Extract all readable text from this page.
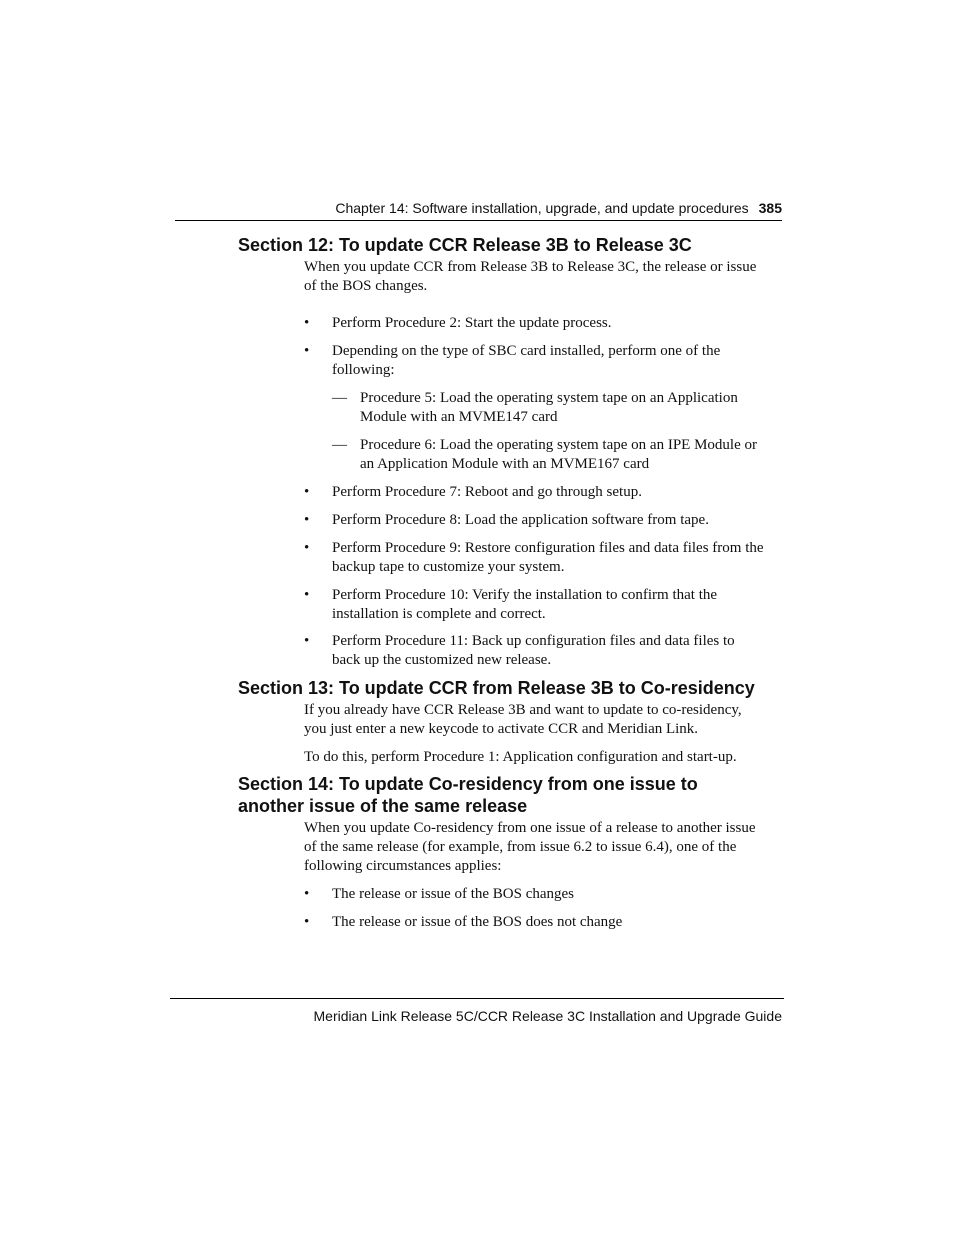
Chapter 14: Software installation, upgrade, and update procedures 385
Section 12: To update CCR Release 3B to Release 3C
When you update CCR from Release 3B to Release 3C, the release or issue
of the BOS changes.
•	Perform Procedure 2: Start the update process.
•	Depending on the type of SBC card installed, perform one of the
following:
— Procedure 5: Load the operating system tape on an Application
Module with an MVME147 card
— Procedure 6: Load the operating system tape on an IPE Module or
an Application Module with an MVME167 card
•	Perform Procedure 7: Reboot and go through setup.
•	Perform Procedure 8: Load the application software from tape.
•	Perform Procedure 9: Restore configuration files and data files from the
backup tape to customize your system.
•	Perform Procedure 10: Verify the installation to confirm that the
installation is complete and correct.
•	Perform Procedure 11: Back up configuration files and data files to
back up the customized new release.
Section 13: To update CCR from Release 3B to Co-residency
If you already have CCR Release 3B and want to update to co-residency,
you just enter a new keycode to activate CCR and Meridian Link.
To do this, perform Procedure 1: Application configuration and start-up.
Section 14: To update Co-residency from one issue to
another issue of the same release
When you update Co-residency from one issue of a release to another issue
of the same release (for example, from issue 6.2 to issue 6.4), one of the
following circumstances applies:
•	The release or issue of the BOS changes
•	The release or issue of the BOS does not change
Meridian Link Release 5C/CCR Release 3C Installation and Upgrade Guide
